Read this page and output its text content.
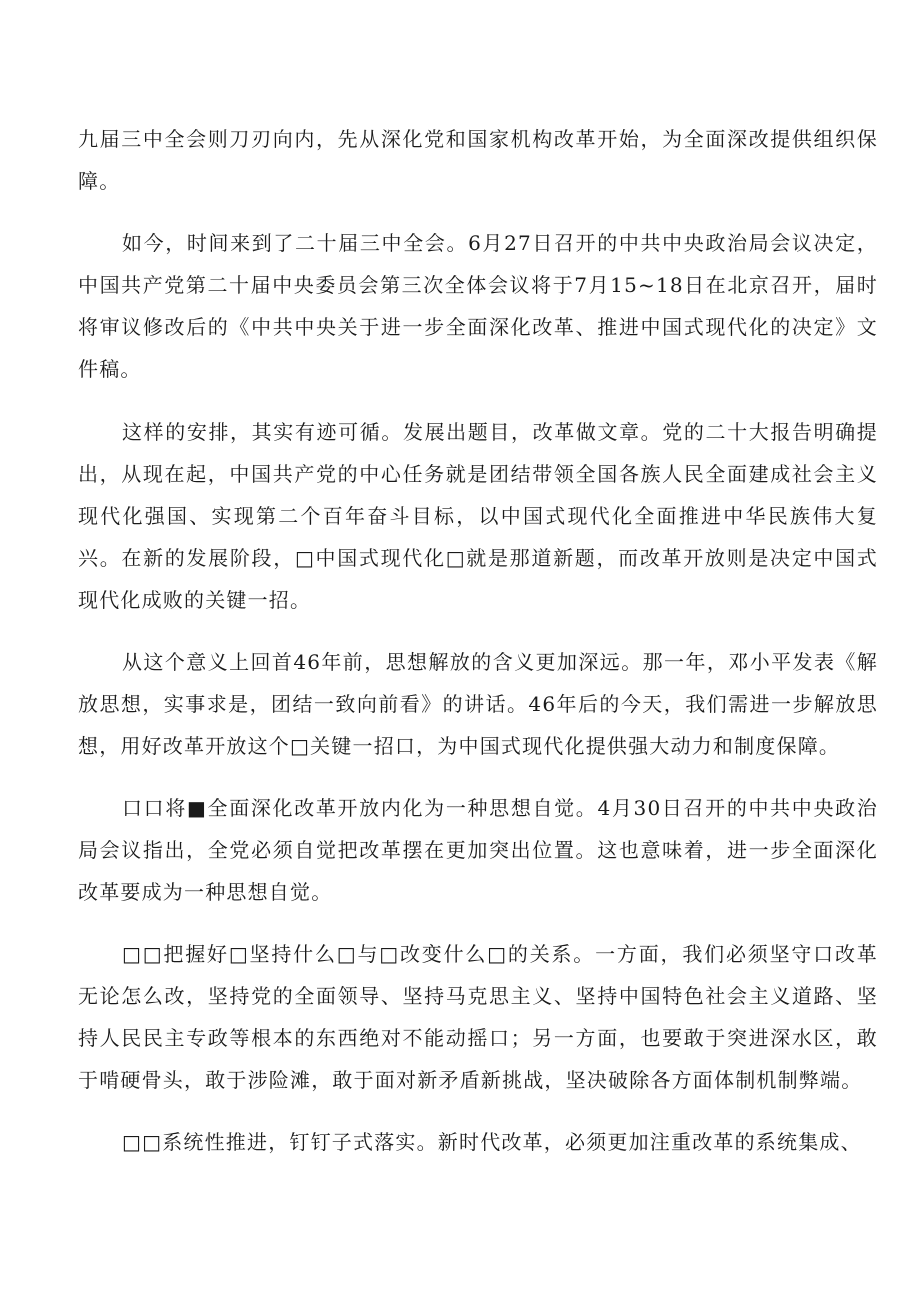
九届三中全会则刀刃向内，先从深化党和国家机构改革开始，为全面深改提供组织保障。

如今，时间来到了二十届三中全会。6月27日召开的中共中央政治局会议决定，中国共产党第二十届中央委员会第三次全体会议将于7月15~18日在北京召开，届时将审议修改后的《中共中央关于进一步全面深化改革、推进中国式现代化的决定》文件稿。

这样的安排，其实有迹可循。发展出题目，改革做文章。党的二十大报告明确提出，从现在起，中国共产党的中心任务就是团结带领全国各族人民全面建成社会主义现代化强国、实现第二个百年奋斗目标，以中国式现代化全面推进中华民族伟大复兴。在新的发展阶段，□中国式现代化□就是那道新题，而改革开放则是决定中国式现代化成败的关键一招。

从这个意义上回首46年前，思想解放的含义更加深远。那一年，邓小平发表《解放思想，实事求是，团结一致向前看》的讲话。46年后的今天，我们需进一步解放思想，用好改革开放这个□关键一招口，为中国式现代化提供强大动力和制度保障。

口口将■全面深化改革开放内化为一种思想自觉。4月30日召开的中共中央政治局会议指出，全党必须自觉把改革摆在更加突出位置。这也意味着，进一步全面深化改革要成为一种思想自觉。

□□把握好□坚持什么□与□改变什么□的关系。一方面，我们必须坚守口改革无论怎么改，坚持党的全面领导、坚持马克思主义、坚持中国特色社会主义道路、坚持人民民主专政等根本的东西绝对不能动摇口；另一方面，也要敢于突进深水区，敢于啃硬骨头，敢于涉险滩，敢于面对新矛盾新挑战，坚决破除各方面体制机制弊端。

□□系统性推进，钉钉子式落实。新时代改革，必须更加注重改革的系统集成、
